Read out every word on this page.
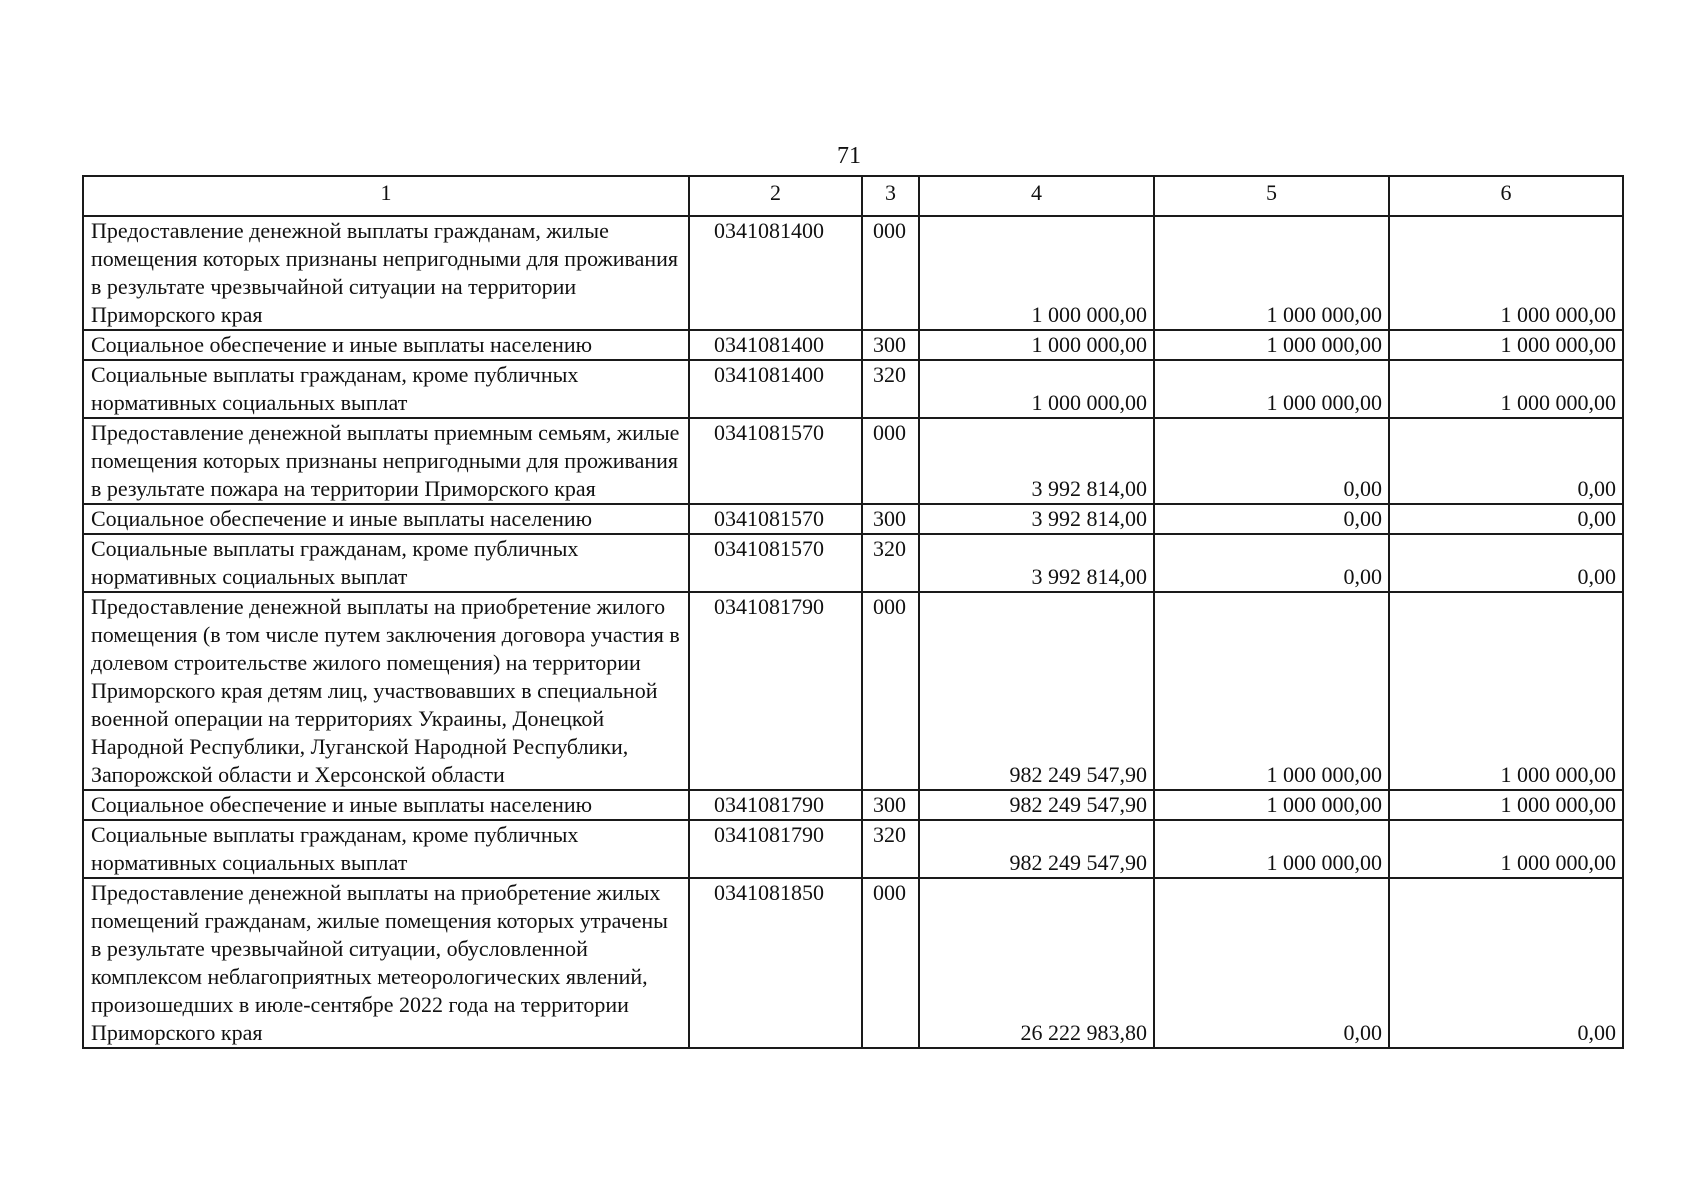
71
1	2	3	4	5	6
Предоставление денежной выплаты гражданам, жилые помещения которых признаны непригодными для проживания в результате чрезвычайной ситуации на территории Приморского края	0341081400	000	1 000 000,00	1 000 000,00	1 000 000,00
Социальное обеспечение и иные выплаты населению	0341081400	300	1 000 000,00	1 000 000,00	1 000 000,00
Социальные выплаты гражданам, кроме публичных нормативных социальных выплат	0341081400	320	1 000 000,00	1 000 000,00	1 000 000,00
Предоставление денежной выплаты приемным семьям, жилые помещения которых признаны непригодными для проживания в результате пожара на территории Приморского края	0341081570	000	3 992 814,00	0,00	0,00
Социальное обеспечение и иные выплаты населению	0341081570	300	3 992 814,00	0,00	0,00
Социальные выплаты гражданам, кроме публичных нормативных социальных выплат	0341081570	320	3 992 814,00	0,00	0,00
Предоставление денежной выплаты на приобретение жилого помещения (в том числе путем заключения договора участия в долевом строительстве жилого помещения) на территории Приморского края детям лиц, участвовавших в специальной военной операции на территориях Украины, Донецкой Народной Республики, Луганской Народной Республики, Запорожской области и Херсонской области	0341081790	000	982 249 547,90	1 000 000,00	1 000 000,00
Социальное обеспечение и иные выплаты населению	0341081790	300	982 249 547,90	1 000 000,00	1 000 000,00
Социальные выплаты гражданам, кроме публичных нормативных социальных выплат	0341081790	320	982 249 547,90	1 000 000,00	1 000 000,00
Предоставление денежной выплаты на приобретение жилых помещений гражданам, жилые помещения которых утрачены в результате чрезвычайной ситуации, обусловленной комплексом неблагоприятных метеорологических явлений, произошедших в июле-сентябре 2022 года на территории Приморского края	0341081850	000	26 222 983,80	0,00	0,00
